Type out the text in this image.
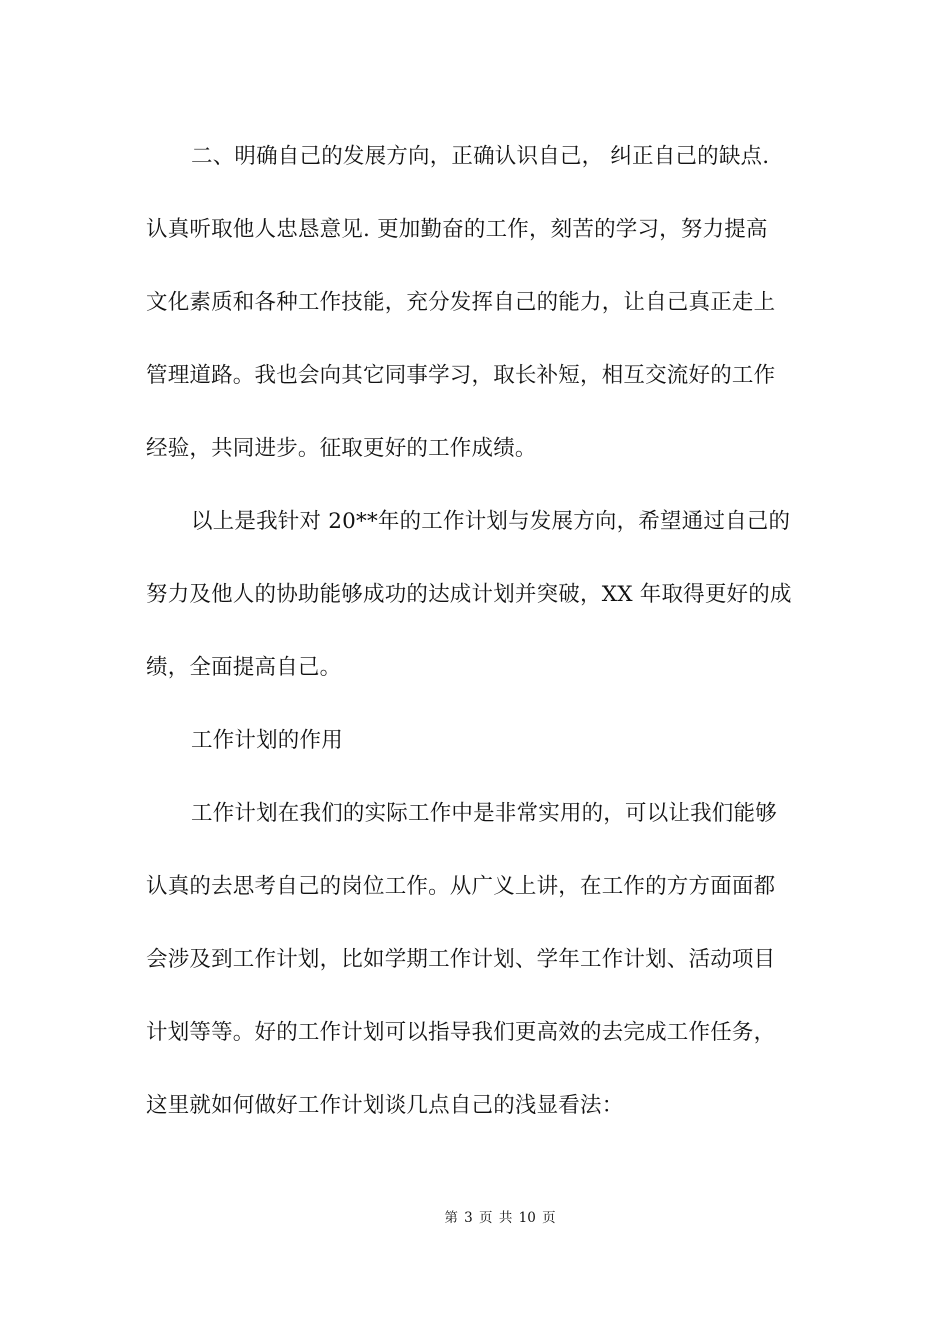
二、明确自己的发展方向，正确认识自己， 纠正自己的缺点.
认真听取他人忠恳意见. 更加勤奋的工作，刻苦的学习，努力提高
文化素质和各种工作技能，充分发挥自己的能力，让自己真正走上
管理道路。我也会向其它同事学习，取长补短，相互交流好的工作
经验，共同进步。征取更好的工作成绩。
以上是我针对 20**年的工作计划与发展方向，希望通过自己的
努力及他人的协助能够成功的达成计划并突破，XX 年取得更好的成
绩，全面提高自己。
工作计划的作用
工作计划在我们的实际工作中是非常实用的，可以让我们能够
认真的去思考自己的岗位工作。从广义上讲，在工作的方方面面都
会涉及到工作计划，比如学期工作计划、学年工作计划、活动项目
计划等等。好的工作计划可以指导我们更高效的去完成工作任务，
这里就如何做好工作计划谈几点自己的浅显看法：
第 3 页 共 10 页
